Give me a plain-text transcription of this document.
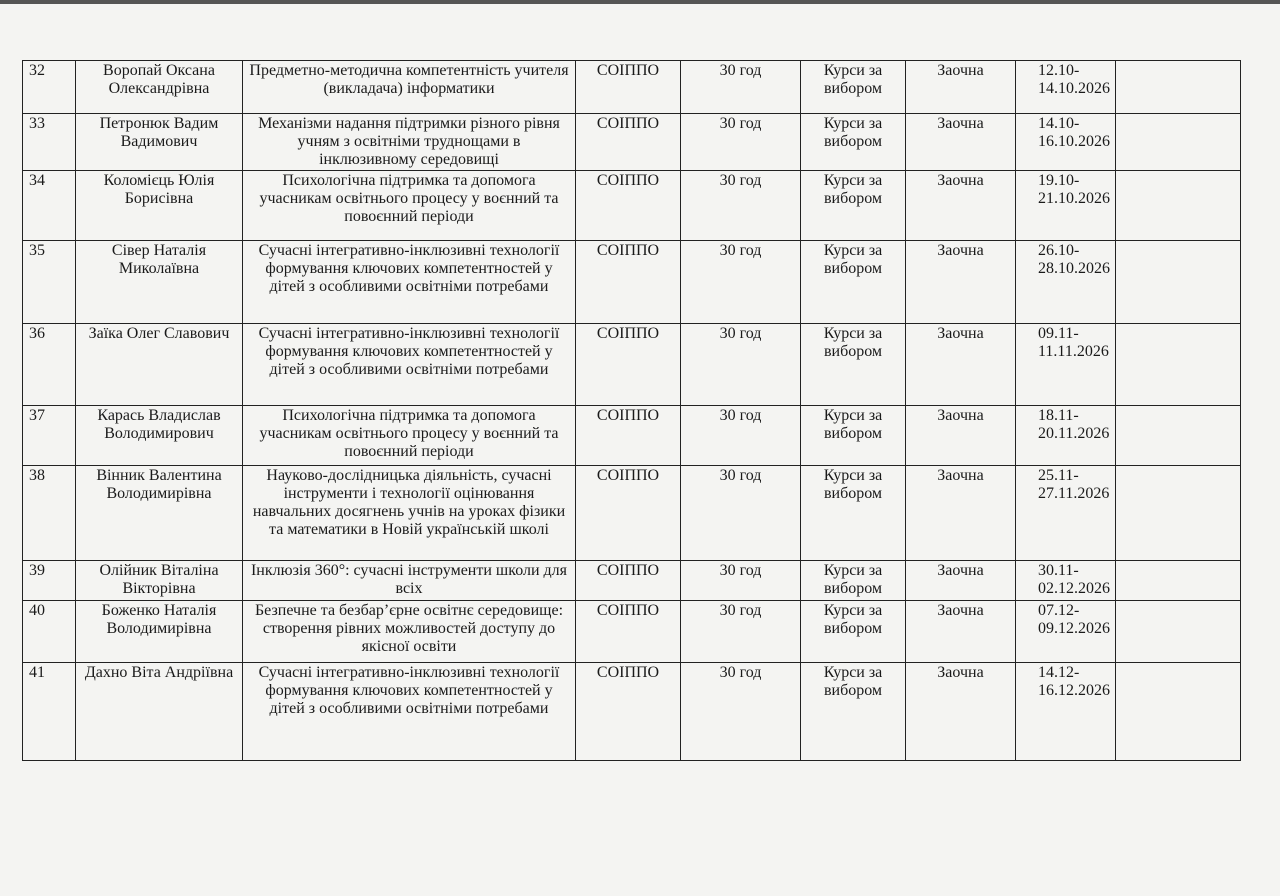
32	Воропай Оксана Олександрівна	Предметно-методична компетентність учителя (викладача) інформатики	СОІППО	30 год	Курси за вибором	Заочна	12.10-14.10.2026	
33	Петронюк Вадим Вадимович	Механізми надання підтримки різного рівня учням з освітніми труднощами в інклюзивному середовищі	СОІППО	30 год	Курси за вибором	Заочна	14.10-16.10.2026	
34	Коломієць Юлія Борисівна	Психологічна підтримка та допомога учасникам освітнього процесу у воєнний та повоєнний періоди	СОІППО	30 год	Курси за вибором	Заочна	19.10-21.10.2026	
35	Сівер Наталія Миколаївна	Сучасні інтегративно-інклюзивні технології формування ключових компетентностей у дітей з особливими освітніми потребами	СОІППО	30 год	Курси за вибором	Заочна	26.10-28.10.2026	
36	Заїка Олег Славович	Сучасні інтегративно-інклюзивні технології формування ключових компетентностей у дітей з особливими освітніми потребами	СОІППО	30 год	Курси за вибором	Заочна	09.11-11.11.2026	
37	Карась Владислав Володимирович	Психологічна підтримка та допомога учасникам освітнього процесу у воєнний та повоєнний періоди	СОІППО	30 год	Курси за вибором	Заочна	18.11-20.11.2026	
38	Вінник Валентина Володимирівна	Науково-дослідницька діяльність, сучасні інструменти і технології оцінювання навчальних досягнень учнів на уроках фізики та математики в Новій українській школі	СОІППО	30 год	Курси за вибором	Заочна	25.11-27.11.2026	
39	Олійник Віталіна Вікторівна	Інклюзія 360°: сучасні інструменти школи для всіх	СОІППО	30 год	Курси за вибором	Заочна	30.11-02.12.2026	
40	Боженко Наталія Володимирівна	Безпечне та безбар’єрне освітнє середовище: створення рівних можливостей доступу до якісної освіти	СОІППО	30 год	Курси за вибором	Заочна	07.12-09.12.2026	
41	Дахно Віта Андріївна	Сучасні інтегративно-інклюзивні технології формування ключових компетентностей у дітей з особливими освітніми потребами	СОІППО	30 год	Курси за вибором	Заочна	14.12-16.12.2026	
